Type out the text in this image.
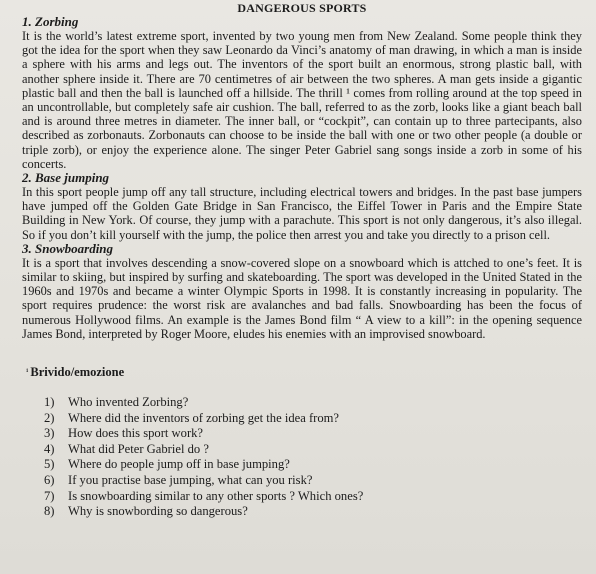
DANGEROUS SPORTS
1. Zorbing

It is the world’s latest extreme sport, invented by two young men from New Zealand. Some people think they got the idea for the sport when they saw Leonardo da Vinci’s anatomy of man drawing, in which a man is inside a sphere with his arms and legs out. The inventors of the sport built an enormous, strong plastic ball, with another sphere inside it. There are 70 centimetres of air between the two spheres. A man gets inside a gigantic plastic ball and then the ball is launched off a hillside. The thrill ¹ comes from rolling around at the top speed in an uncontrollable, but completely safe air cushion. The ball, referred to as the zorb, looks like a giant beach ball and is around three metres in diameter. The inner ball, or “cockpit”, can contain up to three partecipants, also described as zorbonauts. Zorbonauts can choose to be inside the ball with one or two other people (a double or triple zorb), or enjoy the experience alone. The singer Peter Gabriel sang songs inside a zorb in some of his concerts.

2. Base jumping

In this sport people jump off any tall structure, including electrical towers and bridges. In the past base jumpers have jumped off the Golden Gate Bridge in San Francisco, the Eiffel Tower in Paris and the Empire State Building in New York. Of course, they jump with a parachute. This sport is not only dangerous, it’s also illegal. So if you don’t kill yourself with the jump, the police then arrest you and take you directly to a prison cell.

3. Snowboarding

It is a sport that involves descending a snow-covered slope on a snowboard which is attched to one’s feet. It is similar to skiing, but inspired by surfing and skateboarding. The sport was developed in the United Stated in the 1960s and 1970s and became a winter Olympic Sports in 1998. It is constantly increasing in popularity. The sport requires prudence: the worst risk are avalanches and bad falls. Snowboarding has been the focus of numerous Hollywood films. An example is the James Bond film “ A view to a kill”: in the opening sequence James Bond, interpreted by Roger Moore, eludes his enemies with an improvised snowboard.

$^{^1}$ Brivido/emozione
1) Who invented Zorbing?
2) Where did the inventors of zorbing get the idea from?
3) How does this sport work?
4) What did Peter Gabriel do ?
5) Where do people jump off in base jumping?
6) If you practise base jumping, what can you risk?
7) Is snowboarding similar to any other sports ? Which ones?
8) Why is snowbording so dangerous?
